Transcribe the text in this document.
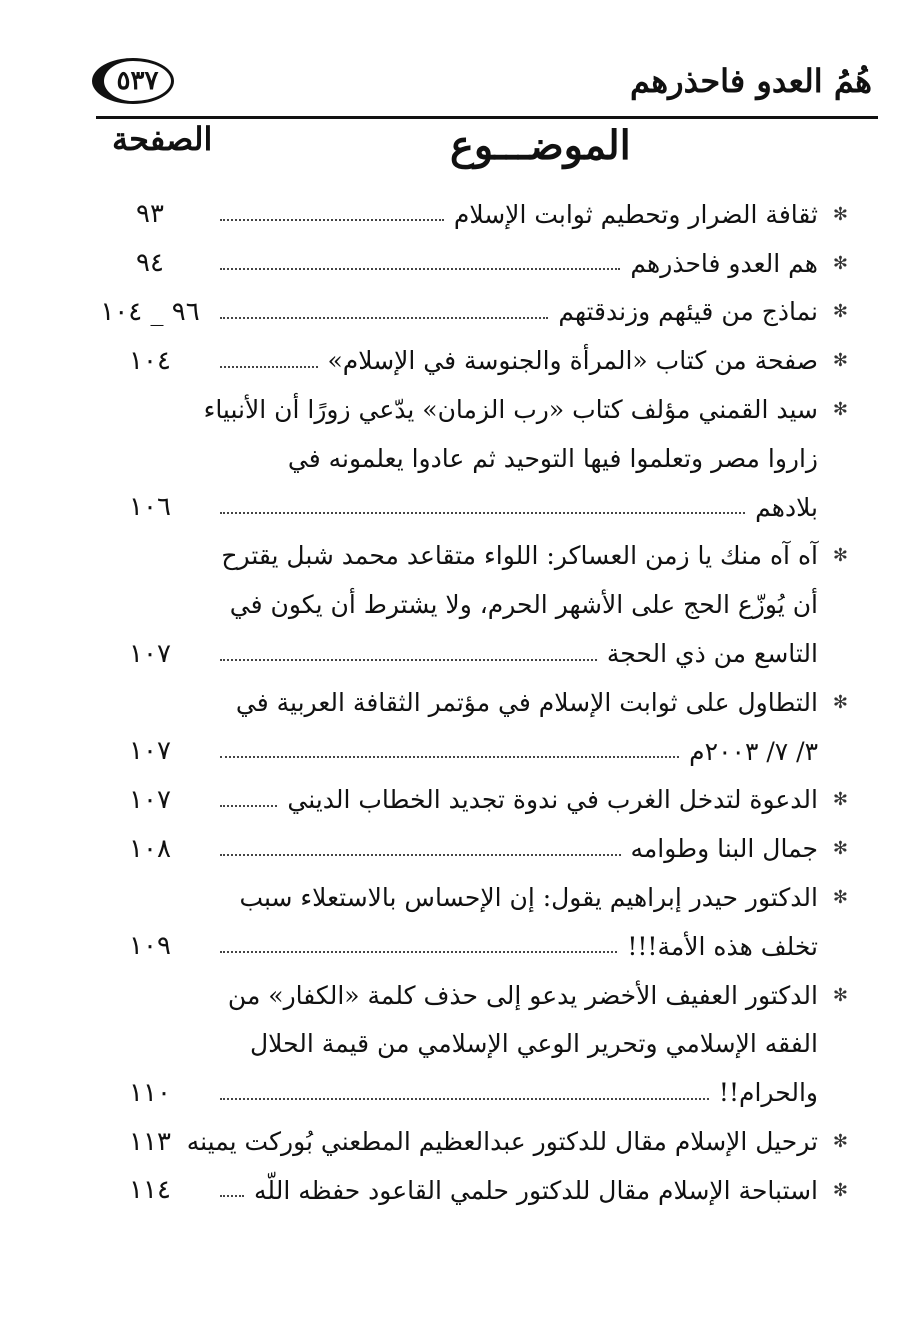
٥٣٧	هُمُ العدو فاحذرهم
الموضـــوع
الصفحة
✻
ثقافة الضرار وتحطيم ثوابت الإسلام
٩٣
✻
هم العدو فاحذرهم
٩٤
✻
نماذج من قيئهم وزندقتهم
٩٦ _ ١٠٤
✻
صفحة من كتاب «المرأة والجنوسة في الإسلام»
١٠٤
✻
سيد القمني مؤلف كتاب «رب الزمان» يدّعي زورًا أن الأنبياء
زاروا مصر وتعلموا فيها التوحيد ثم عادوا يعلمونه في
بلادهم
١٠٦
✻
آه آه منك يا زمن العساكر: اللواء متقاعد محمد شبل يقترح
أن يُوزّع الحج على الأشهر الحرم، ولا يشترط أن يكون في
التاسع من ذي الحجة
١٠٧
✻
التطاول على ثوابت الإسلام في مؤتمر الثقافة العربية في
٣/ ٧/ ٢٠٠٣م
١٠٧
✻
الدعوة لتدخل الغرب في ندوة تجديد الخطاب الديني
١٠٧
✻
جمال البنا وطوامه
١٠٨
✻
الدكتور حيدر إبراهيم يقول: إن الإحساس بالاستعلاء سبب
تخلف هذه الأمة!!!
١٠٩
✻
الدكتور العفيف الأخضر يدعو إلى حذف كلمة «الكفار» من
الفقه الإسلامي وتحرير الوعي الإسلامي من قيمة الحلال
والحرام!!
١١٠
✻
ترحيل الإسلام مقال للدكتور عبدالعظيم المطعني بُوركت يمينه
١١٣
✻
استباحة الإسلام مقال للدكتور حلمي القاعود حفظه اللّه
١١٤
